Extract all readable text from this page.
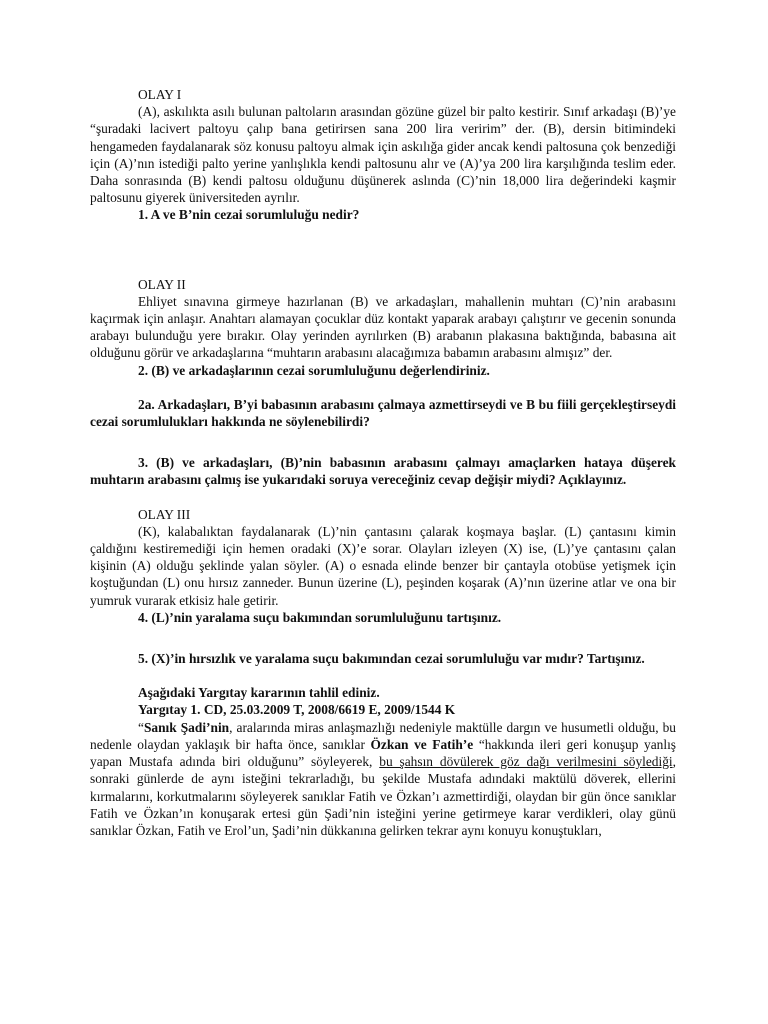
OLAY I

(A), askılıkta asılı bulunan paltoların arasından gözüne güzel bir palto kestirir. Sınıf arkadaşı (B)’ye “şuradaki lacivert paltoyu çalıp bana getirirsen sana 200 lira veririm” der. (B), dersin bitimindeki hengameden faydalanarak söz konusu paltoyu almak için askılığa gider ancak kendi paltosuna çok benzediği için (A)’nın istediği palto yerine yanlışlıkla kendi paltosunu alır ve (A)’ya 200 lira karşılığında teslim eder. Daha sonrasında (B) kendi paltosu olduğunu düşünerek aslında (C)’nin 18,000 lira değerindeki kaşmir paltosunu giyerek üniversiteden ayrılır.

1. A ve B’nin cezai sorumluluğu nedir?

OLAY II

Ehliyet sınavına girmeye hazırlanan (B) ve arkadaşları, mahallenin muhtarı (C)’nin arabasını kaçırmak için anlaşır. Anahtarı alamayan çocuklar düz kontakt yaparak arabayı çalıştırır ve gecenin sonunda arabayı bulunduğu yere bırakır. Olay yerinden ayrılırken (B) arabanın plakasına baktığında, babasına ait olduğunu görür ve arkadaşlarına “muhtarın arabasını alacağımıza babamın arabasını almışız” der.

2. (B) ve arkadaşlarının cezai sorumluluğunu değerlendiriniz.

2a. Arkadaşları, B’yi babasının arabasını çalmaya azmettirseydi ve B bu fiili gerçekleştirseydi cezai sorumlulukları hakkında ne söylenebilirdi?

3. (B) ve arkadaşları, (B)’nin babasının arabasını çalmayı amaçlarken hataya düşerek muhtarın arabasını çalmış ise yukarıdaki soruya vereceğiniz cevap değişir miydi? Açıklayınız.

OLAY III

(K), kalabalıktan faydalanarak (L)’nin çantasını çalarak koşmaya başlar. (L) çantasını kimin çaldığını kestiremediği için hemen oradaki (X)’e sorar. Olayları izleyen (X) ise, (L)’ye çantasını çalan kişinin (A) olduğu şeklinde yalan söyler. (A) o esnada elinde benzer bir çantayla otobüse yetişmek için koştuğundan (L) onu hırsız zanneder. Bunun üzerine (L), peşinden koşarak (A)’nın üzerine atlar ve ona bir yumruk vurarak etkisiz hale getirir.

4. (L)’nin yaralama suçu bakımından sorumluluğunu tartışınız.

5. (X)’in hırsızlık ve yaralama suçu bakımından cezai sorumluluğu var mıdır? Tartışınız.

Aşağıdaki Yargıtay kararının tahlil ediniz.

Yargıtay 1. CD, 25.03.2009 T, 2008/6619 E, 2009/1544 K

“Sanık Şadi’nin, aralarında miras anlaşmazlığı nedeniyle maktülle dargın ve husumetli olduğu, bu nedenle olaydan yaklaşık bir hafta önce, sanıklar Özkan ve Fatih’e “hakkında ileri geri konuşup yanlış yapan Mustafa adında biri olduğunu” söyleyerek, bu şahsın dövülerek göz dağı verilmesini söylediği, sonraki günlerde de aynı isteğini tekrarladığı, bu şekilde Mustafa adındaki maktülü döverek, ellerini kırmalarını, korkutmalarını söyleyerek sanıklar Fatih ve Özkan’ı azmettirdiği, olaydan bir gün önce sanıklar Fatih ve Özkan’ın konuşarak ertesi gün Şadi’nin isteğini yerine getirmeye karar verdikleri, olay günü sanıklar Özkan, Fatih ve Erol’un, Şadi’nin dükkanına gelirken tekrar aynı konuyu konuştukları,
